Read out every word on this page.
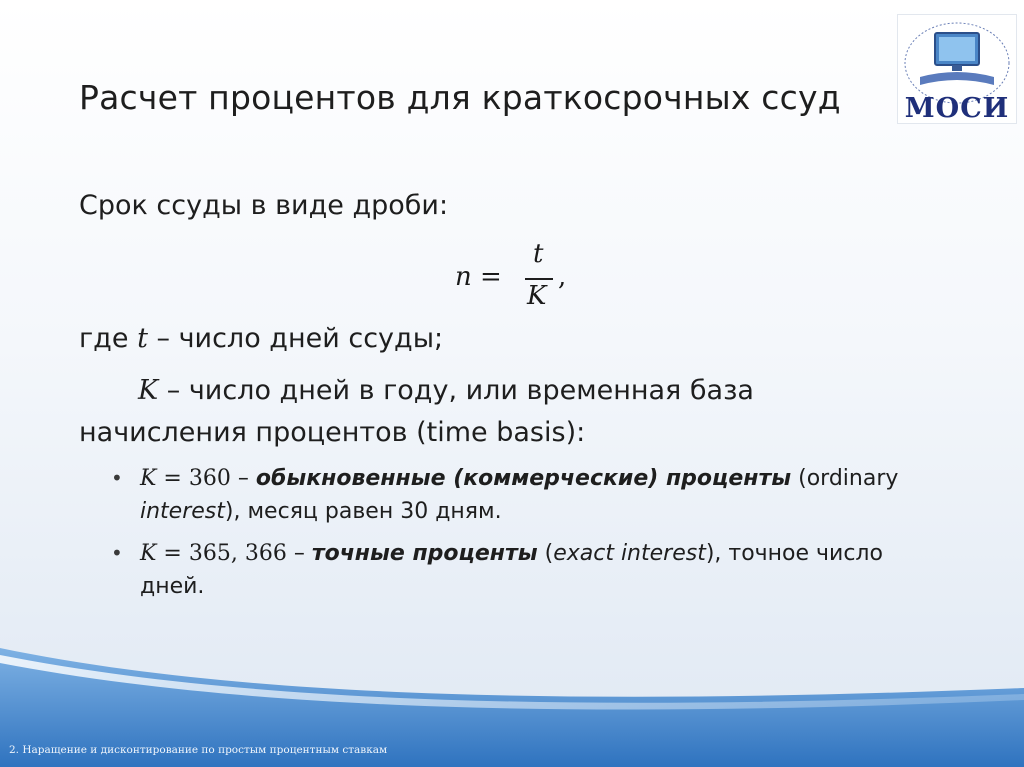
Расчет процентов для краткосрочных ссуд	МОСИ
Срок ссуды в виде дроби:
n =
t
K
,
где t – число дней ссуды;
K – число дней в году, или временная база
начисления процентов (time basis):
• K = 360 – обыкновенные (коммерческие) проценты (ordinary
interest), месяц равен 30 дням.
• K = 365, 366 – точные проценты (exact interest), точное число
дней.
2. Наращение и дисконтирование по простым процентным ставкам
